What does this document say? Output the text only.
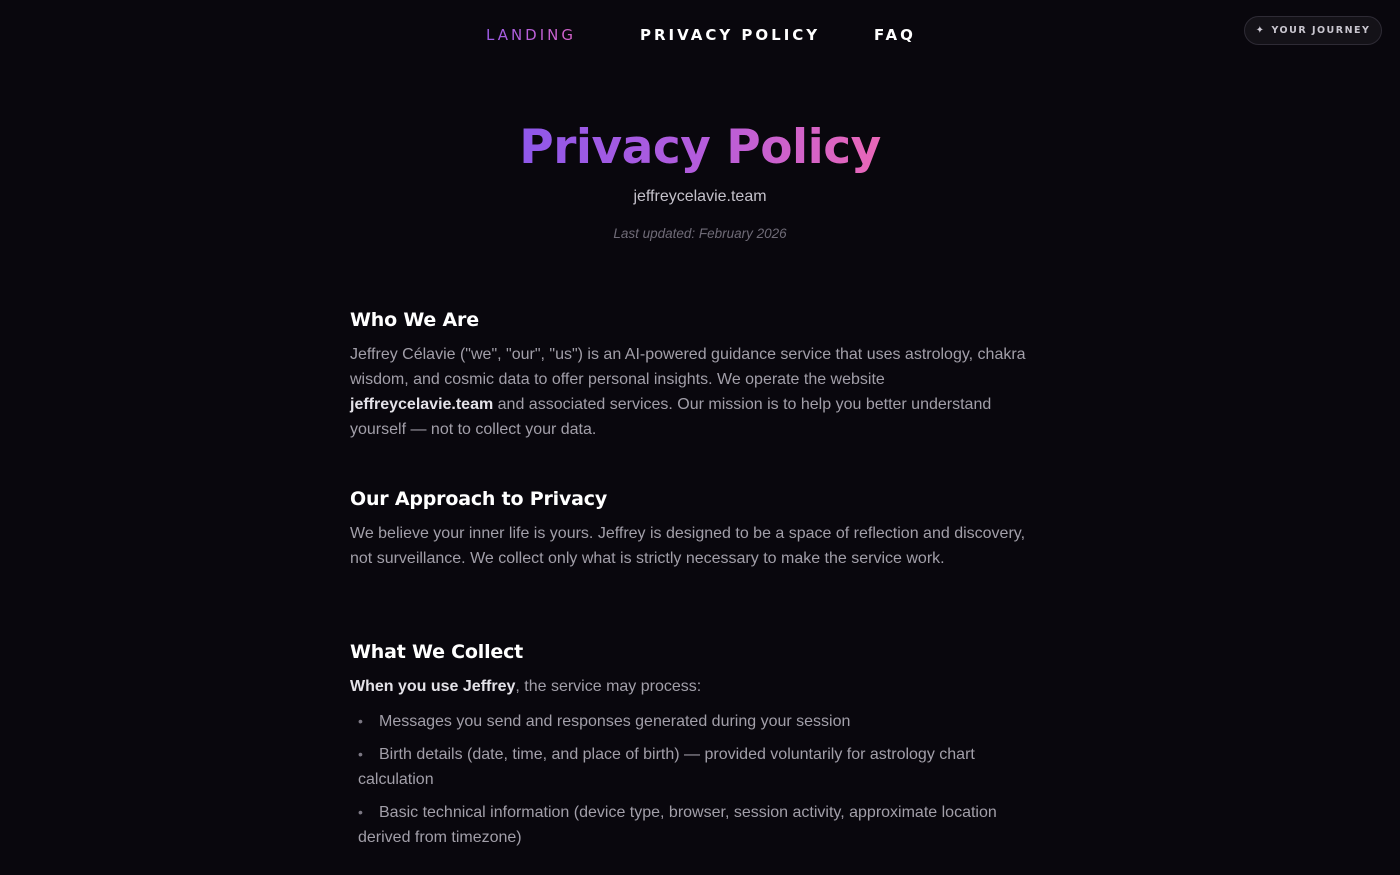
LANDING	PRIVACY POLICY	FAQ	✦ YOUR JOURNEY
Privacy Policy
jeffreycelavie.team
Last updated: February 2026
Who We Are

Jeffrey Célavie ("we", "our", "us") is an AI-powered guidance service that uses astrology, chakra wisdom, and cosmic data to offer personal insights. We operate the website jeffreycelavie.team and associated services. Our mission is to help you better understand yourself — not to collect your data.

Our Approach to Privacy

We believe your inner life is yours. Jeffrey is designed to be a space of reflection and discovery, not surveillance. We collect only what is strictly necessary to make the service work.

What We Collect

When you use Jeffrey, the service may process:

• Messages you send and responses generated during your session
• Birth details (date, time, and place of birth) — provided voluntarily for astrology chart calculation
• Basic technical information (device type, browser, session activity, approximate location derived from timezone)
